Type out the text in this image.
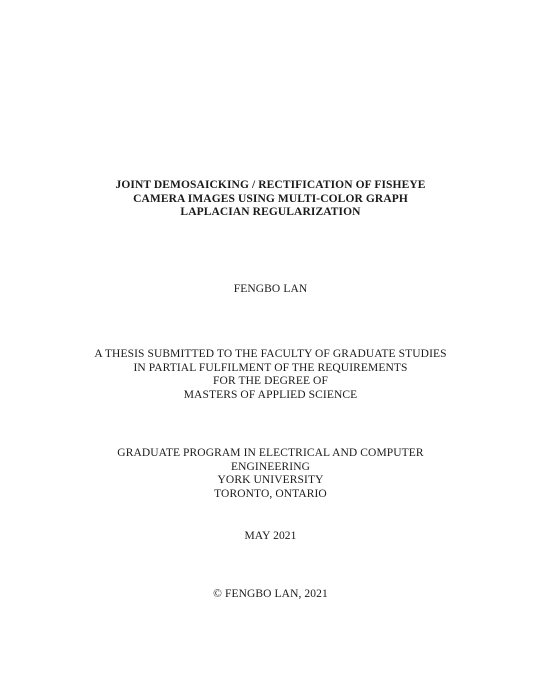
JOINT DEMOSAICKING / RECTIFICATION OF FISHEYE
CAMERA IMAGES USING MULTI-COLOR GRAPH
LAPLACIAN REGULARIZATION
FENGBO LAN
A THESIS SUBMITTED TO THE FACULTY OF GRADUATE STUDIES
IN PARTIAL FULFILMENT OF THE REQUIREMENTS
FOR THE DEGREE OF
MASTERS OF APPLIED SCIENCE
GRADUATE PROGRAM IN ELECTRICAL AND COMPUTER
ENGINEERING
YORK UNIVERSITY
TORONTO, ONTARIO
MAY 2021
© FENGBO LAN, 2021
